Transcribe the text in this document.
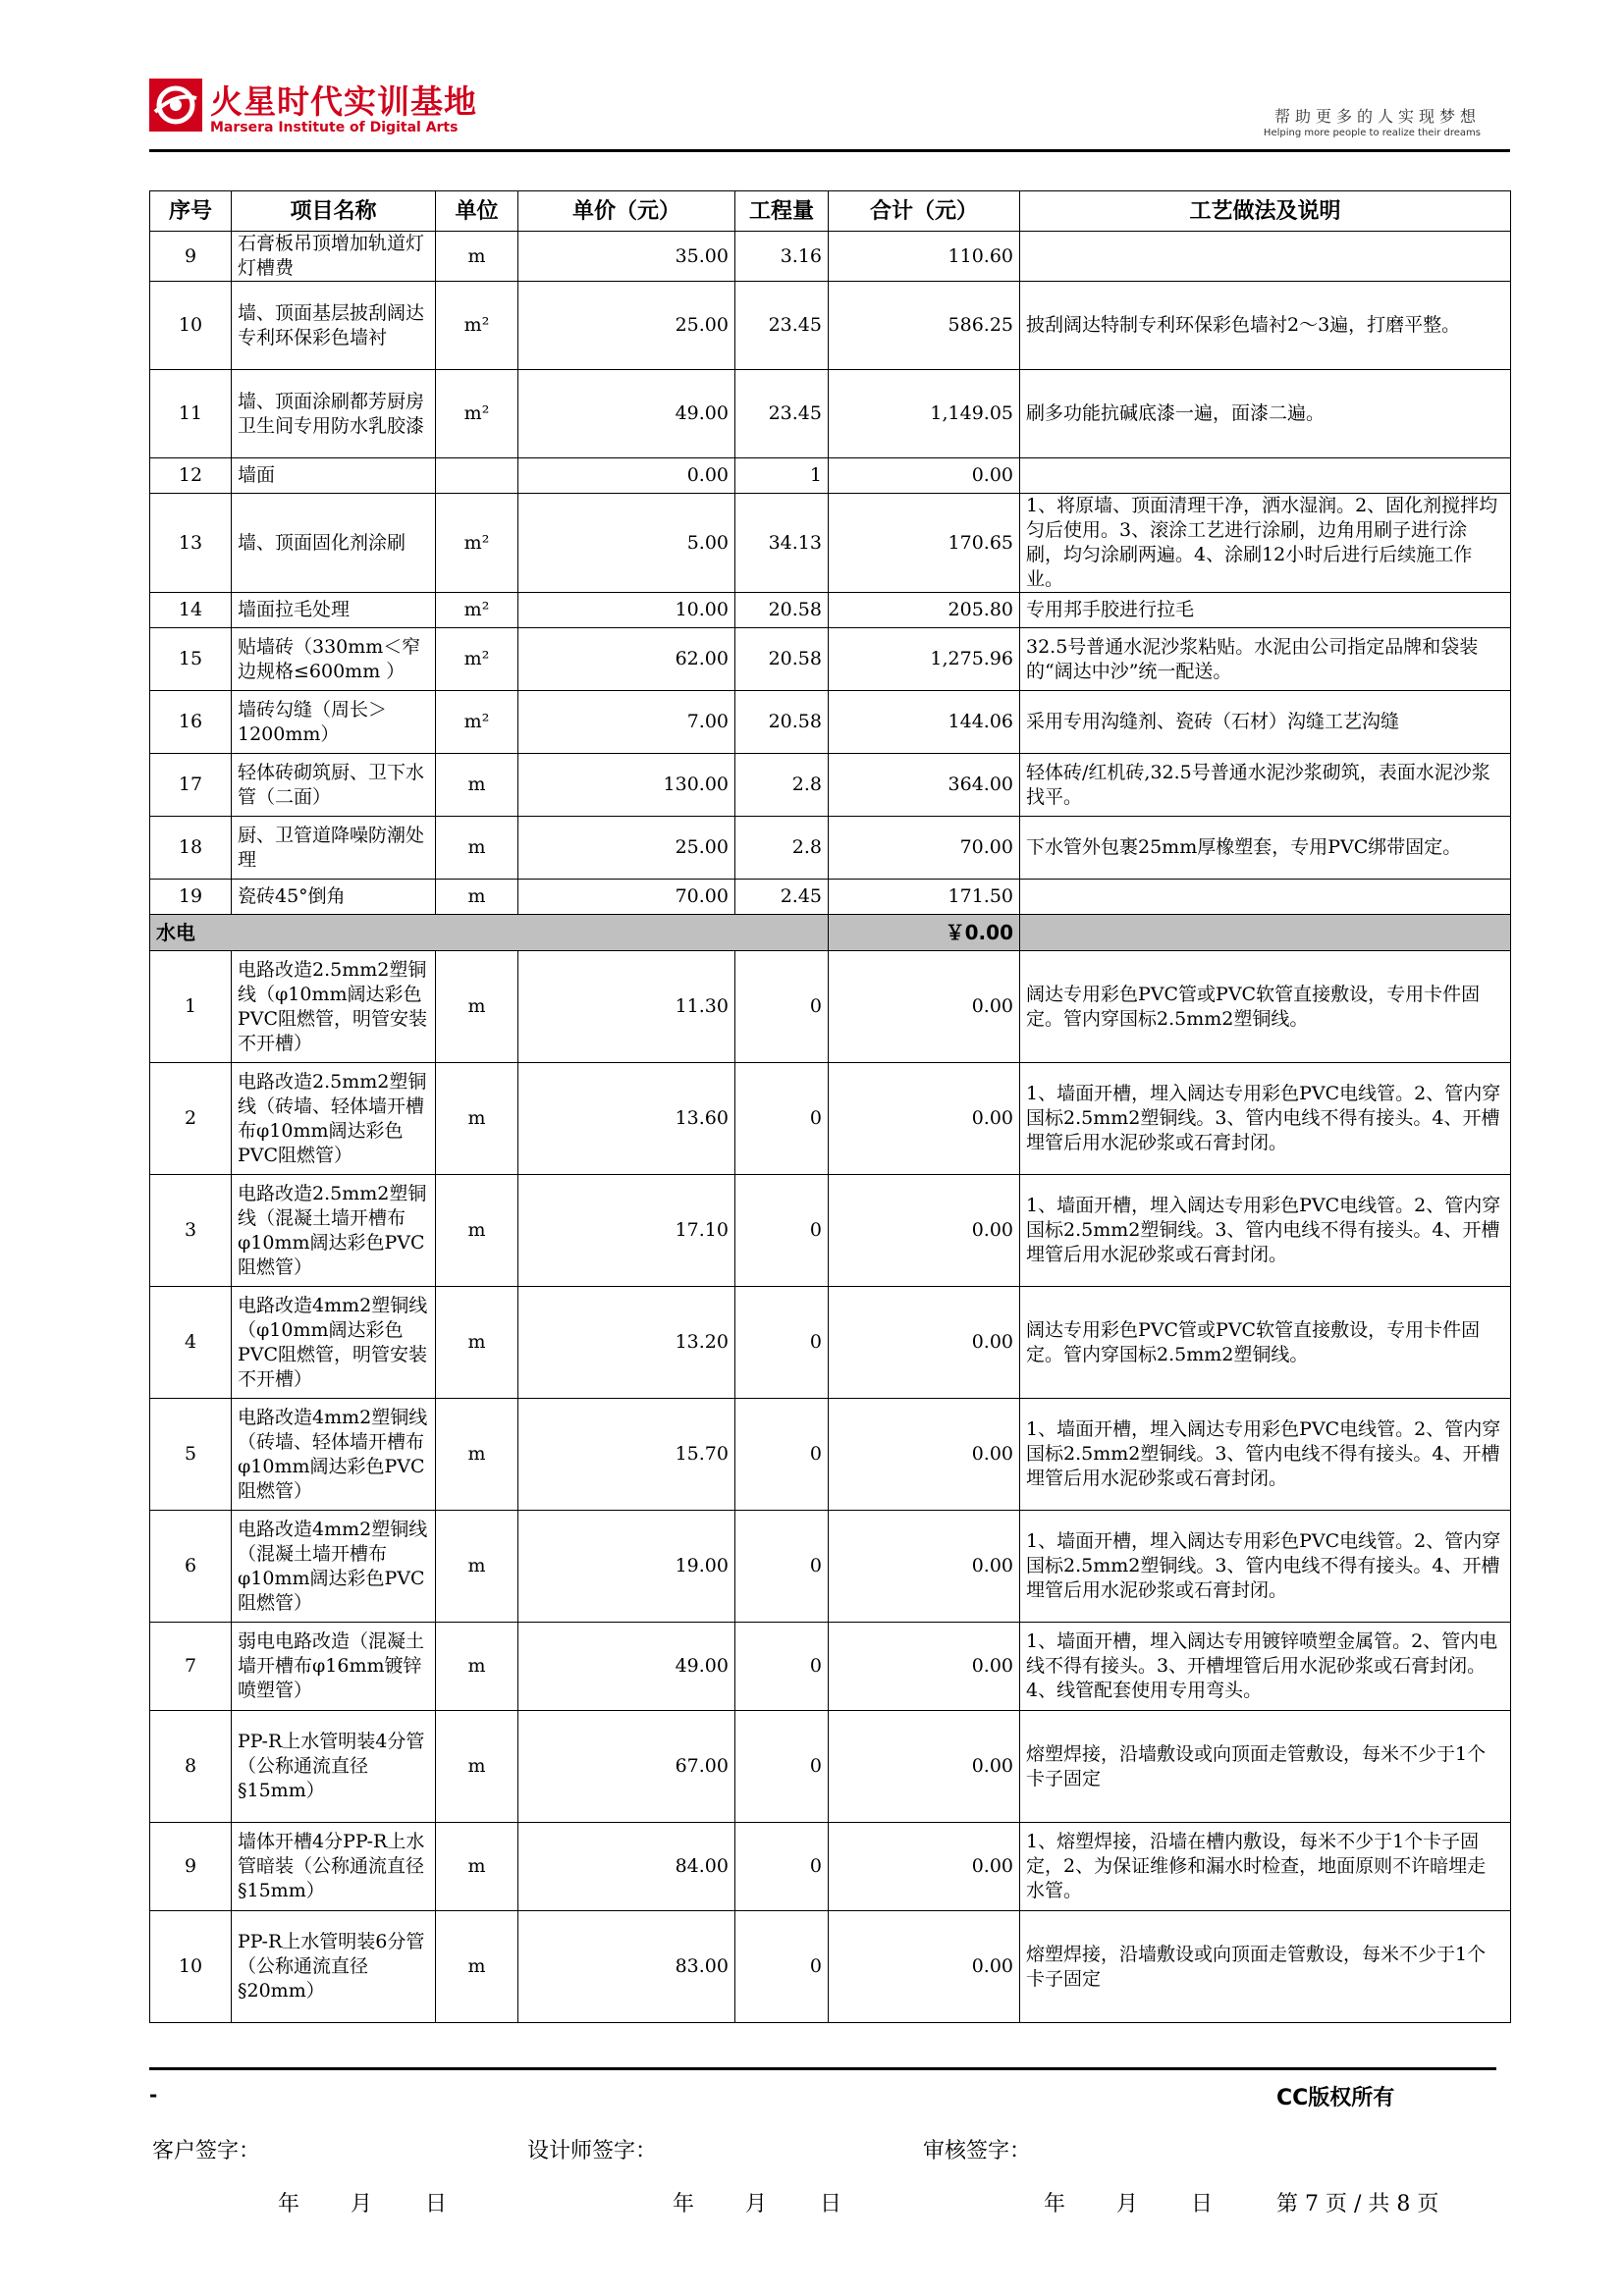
火星时代实训基地
Marsera Institute of Digital Arts
帮助更多的人实现梦想
Helping more people to realize their dreams
序号	项目名称	单位	单价（元）	工程量	合计（元）	工艺做法及说明
9	石膏板吊顶增加轨道灯灯槽费	m	35.00	3.16	110.60	
10	墙、顶面基层披刮阔达专利环保彩色墙衬	m²	25.00	23.45	586.25	披刮阔达特制专利环保彩色墙衬2～3遍，打磨平整。
11	墙、顶面涂刷都芳厨房卫生间专用防水乳胶漆	m²	49.00	23.45	1,149.05	刷多功能抗碱底漆一遍，面漆二遍。
12	墙面		0.00	1	0.00	
13	墙、顶面固化剂涂刷	m²	5.00	34.13	170.65	1、将原墙、顶面清理干净，洒水湿润。2、固化剂搅拌均匀后使用。3、滚涂工艺进行涂刷，边角用刷子进行涂刷，均匀涂刷两遍。4、涂刷12小时后进行后续施工作业。
14	墙面拉毛处理	m²	10.00	20.58	205.80	专用邦手胶进行拉毛
15	贴墙砖（330mm＜窄边规格≤600mm ）	m²	62.00	20.58	1,275.96	32.5号普通水泥沙浆粘贴。水泥由公司指定品牌和袋装的“阔达中沙”统一配送。
16	墙砖勾缝（周长＞1200mm）	m²	7.00	20.58	144.06	采用专用沟缝剂、瓷砖（石材）沟缝工艺沟缝
17	轻体砖砌筑厨、卫下水管（二面）	m	130.00	2.8	364.00	轻体砖/红机砖,32.5号普通水泥沙浆砌筑，表面水泥沙浆找平。
18	厨、卫管道降噪防潮处理	m	25.00	2.8	70.00	下水管外包裹25mm厚橡塑套，专用PVC绑带固定。
19	瓷砖45°倒角	m	70.00	2.45	171.50	
水电					￥0.00	
1	电路改造2.5mm2塑铜线（φ10mm阔达彩色PVC阻燃管，明管安装不开槽）	m	11.30	0	0.00	阔达专用彩色PVC管或PVC软管直接敷设，专用卡件固定。管内穿国标2.5mm2塑铜线。
2	电路改造2.5mm2塑铜线（砖墙、轻体墙开槽布φ10mm阔达彩色PVC阻燃管）	m	13.60	0	0.00	1、墙面开槽，埋入阔达专用彩色PVC电线管。2、管内穿国标2.5mm2塑铜线。3、管内电线不得有接头。4、开槽埋管后用水泥砂浆或石膏封闭。
3	电路改造2.5mm2塑铜线（混凝土墙开槽布φ10mm阔达彩色PVC阻燃管）	m	17.10	0	0.00	1、墙面开槽，埋入阔达专用彩色PVC电线管。2、管内穿国标2.5mm2塑铜线。3、管内电线不得有接头。4、开槽埋管后用水泥砂浆或石膏封闭。
4	电路改造4mm2塑铜线（φ10mm阔达彩色PVC阻燃管，明管安装不开槽）	m	13.20	0	0.00	阔达专用彩色PVC管或PVC软管直接敷设，专用卡件固定。管内穿国标2.5mm2塑铜线。
5	电路改造4mm2塑铜线（砖墙、轻体墙开槽布φ10mm阔达彩色PVC阻燃管）	m	15.70	0	0.00	1、墙面开槽，埋入阔达专用彩色PVC电线管。2、管内穿国标2.5mm2塑铜线。3、管内电线不得有接头。4、开槽埋管后用水泥砂浆或石膏封闭。
6	电路改造4mm2塑铜线（混凝土墙开槽布φ10mm阔达彩色PVC阻燃管）	m	19.00	0	0.00	1、墙面开槽，埋入阔达专用彩色PVC电线管。2、管内穿国标2.5mm2塑铜线。3、管内电线不得有接头。4、开槽埋管后用水泥砂浆或石膏封闭。
7	弱电电路改造（混凝土墙开槽布φ16mm镀锌喷塑管）	m	49.00	0	0.00	1、墙面开槽，埋入阔达专用镀锌喷塑金属管。2、管内电线不得有接头。3、开槽埋管后用水泥砂浆或石膏封闭。4、线管配套使用专用弯头。
8	PP-R上水管明装4分管（公称通流直径§15mm）	m	67.00	0	0.00	熔塑焊接，沿墙敷设或向顶面走管敷设，每米不少于1个卡子固定
9	墙体开槽4分PP-R上水管暗装（公称通流直径§15mm）	m	84.00	0	0.00	1、熔塑焊接，沿墙在槽内敷设，每米不少于1个卡子固定，2、为保证维修和漏水时检查，地面原则不许暗埋走水管。
10	PP-R上水管明装6分管（公称通流直径§20mm）	m	83.00	0	0.00	熔塑焊接，沿墙敷设或向顶面走管敷设，每米不少于1个卡子固定
-	CC版权所有
客户签字：	设计师签字：	审核签字：
年 月 日	年 月 日	年 月 日	第 7 页 / 共 8 页
